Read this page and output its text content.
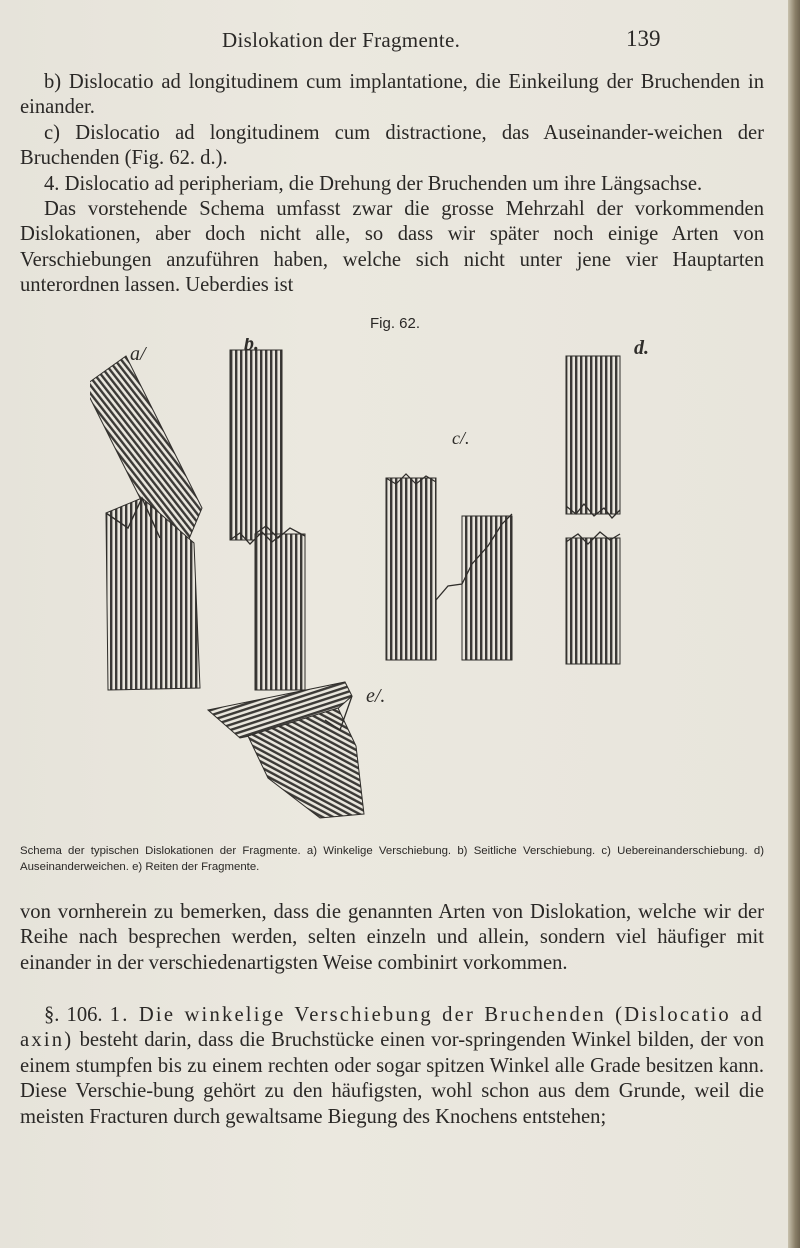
Dislokation der Fragmente.	139

b) Dislocatio ad longitudinem cum implantatione, die Einkeilung der Bruchenden in einander.

c) Dislocatio ad longitudinem cum distractione, das Auseinander-weichen der Bruchenden (Fig. 62. d.).

4. Dislocatio ad peripheriam, die Drehung der Bruchenden um ihre Längsachse.

Das vorstehende Schema umfasst zwar die grosse Mehrzahl der vorkommenden Dislokationen, aber doch nicht alle, so dass wir später noch einige Arten von Verschiebungen anzuführen haben, welche sich nicht unter jene vier Hauptarten unterordnen lassen. Ueberdies ist

Fig. 62.
a/	b.
c/.
d.
e/.
Schema der typischen Dislokationen der Fragmente. a) Winkelige Verschiebung. b) Seitliche Verschiebung. c) Uebereinanderschiebung. d) Auseinanderweichen. e) Reiten der Fragmente.

von vornherein zu bemerken, dass die genannten Arten von Dislokation, welche wir der Reihe nach besprechen werden, selten einzeln und allein, sondern viel häufiger mit einander in der verschiedenartigsten Weise combinirt vorkommen.

§. 106. 1. Die winkelige Verschiebung der Bruchenden (Dislocatio ad axin) besteht darin, dass die Bruchstücke einen vor-springenden Winkel bilden, der von einem stumpfen bis zu einem rechten oder sogar spitzen Winkel alle Grade besitzen kann. Diese Verschie-bung gehört zu den häufigsten, wohl schon aus dem Grunde, weil die meisten Fracturen durch gewaltsame Biegung des Knochens entstehen;
